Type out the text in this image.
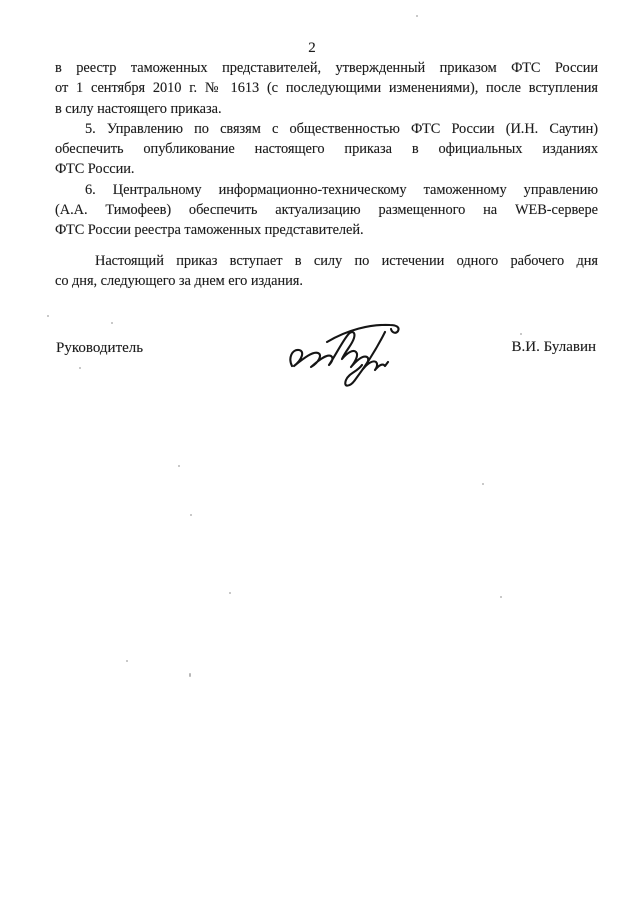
2
в реестр таможенных представителей, утвержденный приказом ФТС России
от 1 сентября 2010 г. № 1613 (с последующими изменениями), после вступления
в силу настоящего приказа.
5. Управлению по связям с общественностью ФТС России (И.Н. Саутин)
обеспечить опубликование настоящего приказа в официальных изданиях
ФТС России.
6. Центральному информационно-техническому таможенному управлению
(А.А. Тимофеев) обеспечить актуализацию размещенного на WEB-сервере
ФТС России реестра таможенных представителей.
Настоящий приказ вступает в силу по истечении одного рабочего дня
со дня, следующего за днем его издания.
Руководитель	В.И. Булавин
